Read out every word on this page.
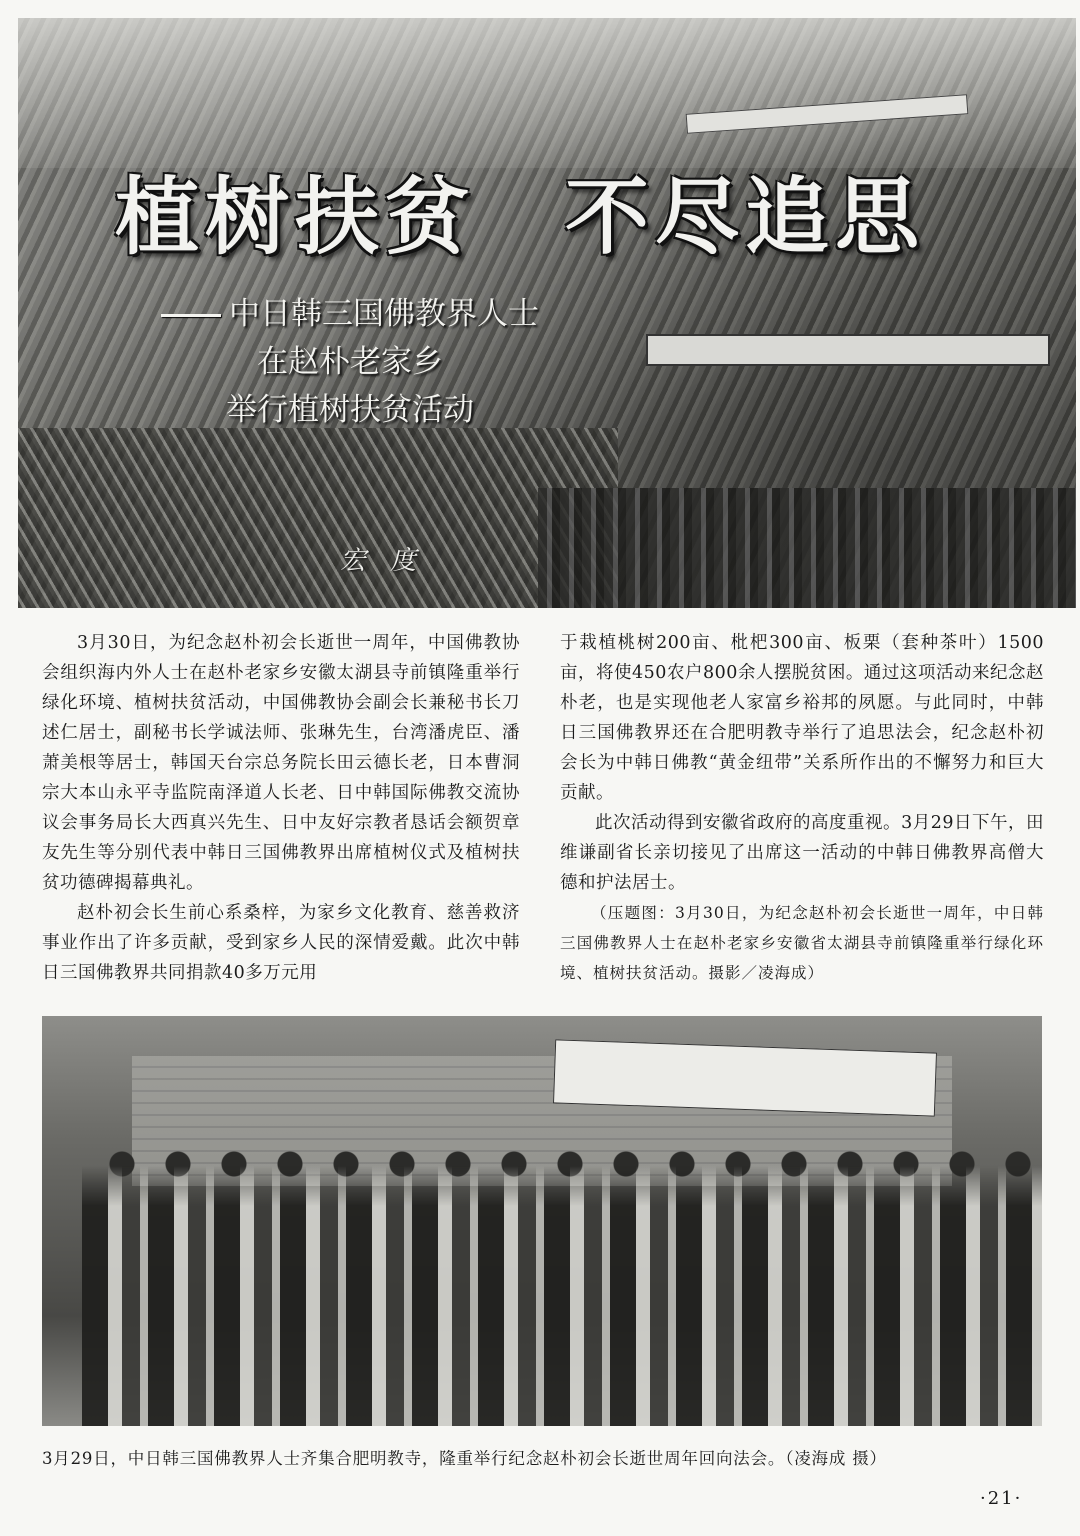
植树扶贫　不尽追思
中日韩三国佛教界人士
在赵朴老家乡
举行植树扶贫活动
宏度

3月30日，为纪念赵朴初会长逝世一周年，中国佛教协会组织海内外人士在赵朴老家乡安徽太湖县寺前镇隆重举行绿化环境、植树扶贫活动，中国佛教协会副会长兼秘书长刀述仁居士，副秘书长学诚法师、张琳先生，台湾潘虎臣、潘萧美根等居士，韩国天台宗总务院长田云德长老，日本曹洞宗大本山永平寺监院南泽道人长老、日中韩国际佛教交流协议会事务局长大西真兴先生、日中友好宗教者恳话会额贺章友先生等分别代表中韩日三国佛教界出席植树仪式及植树扶贫功德碑揭幕典礼。

赵朴初会长生前心系桑梓，为家乡文化教育、慈善救济事业作出了许多贡献，受到家乡人民的深情爱戴。此次中韩日三国佛教界共同捐款40多万元用

于栽植桃树200亩、枇杷300亩、板栗（套种茶叶）1500亩，将使450农户800余人摆脱贫困。通过这项活动来纪念赵朴老，也是实现他老人家富乡裕邦的夙愿。与此同时，中韩日三国佛教界还在合肥明教寺举行了追思法会，纪念赵朴初会长为中韩日佛教“黄金纽带”关系所作出的不懈努力和巨大贡献。

此次活动得到安徽省政府的高度重视。3月29日下午，田维谦副省长亲切接见了出席这一活动的中韩日佛教界高僧大德和护法居士。

（压题图：3月30日，为纪念赵朴初会长逝世一周年，中日韩三国佛教界人士在赵朴老家乡安徽省太湖县寺前镇隆重举行绿化环境、植树扶贫活动。摄影／凌海成）

3月29日，中日韩三国佛教界人士齐集合肥明教寺，隆重举行纪念赵朴初会长逝世周年回向法会。（凌海成 摄）
·21·
